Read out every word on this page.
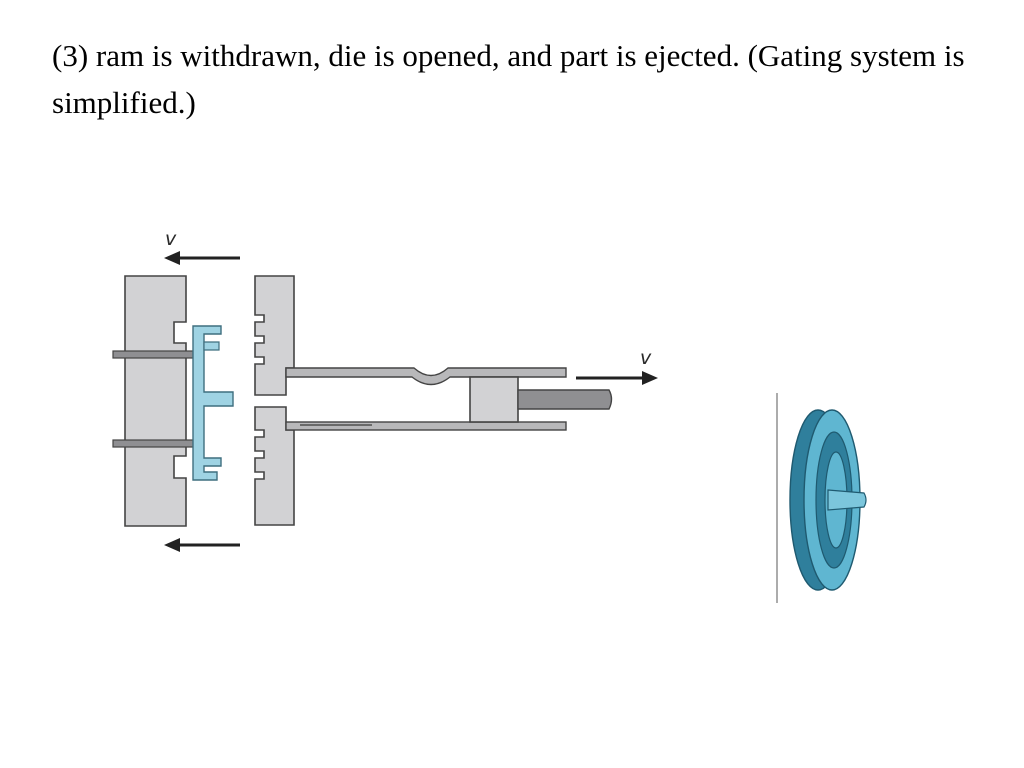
(3) ram is withdrawn, die is opened, and part is ejected. (Gating system is simplified.)

v
v
